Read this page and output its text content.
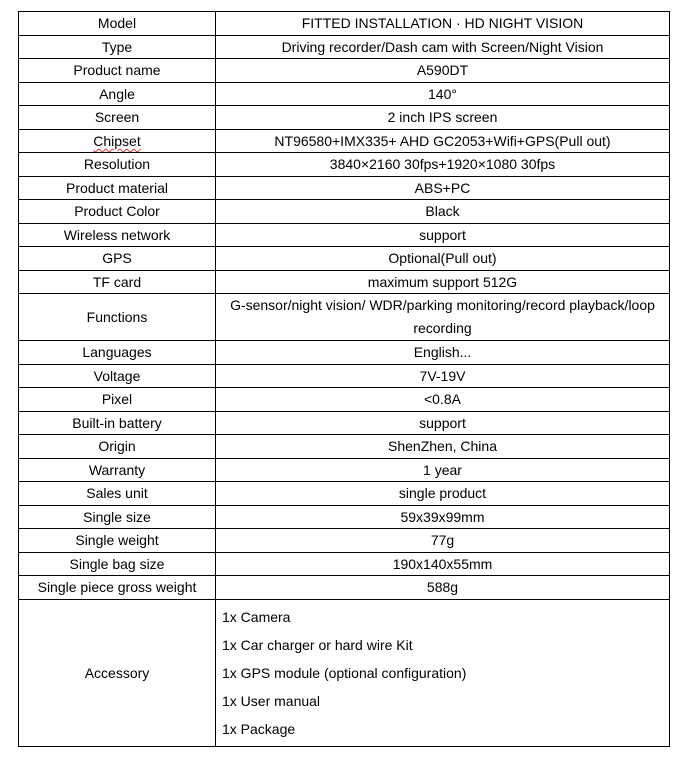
Model	FITTED INSTALLATION · HD NIGHT VISION
Type	Driving recorder/Dash cam with Screen/Night Vision
Product name	A590DT
Angle	140°
Screen	2 inch IPS screen
Chipset	NT96580+IMX335+ AHD GC2053+Wifi+GPS(Pull out)
Resolution	3840×2160 30fps+1920×1080 30fps
Product material	ABS+PC
Product Color	Black
Wireless network	support
GPS	Optional(Pull out)
TF card	maximum support 512G
Functions	G-sensor/night vision/ WDR/parking monitoring/record playback/loop recording
Languages	English...
Voltage	7V-19V
Pixel	<0.8A
Built-in battery	support
Origin	ShenZhen, China
Warranty	1 year
Sales unit	single product
Single size	59x39x99mm
Single weight	77g
Single bag size	190x140x55mm
Single piece gross weight	588g
Accessory	1x Camera
1x Car charger or hard wire Kit
1x GPS module (optional configuration)
1x User manual
1x Package
